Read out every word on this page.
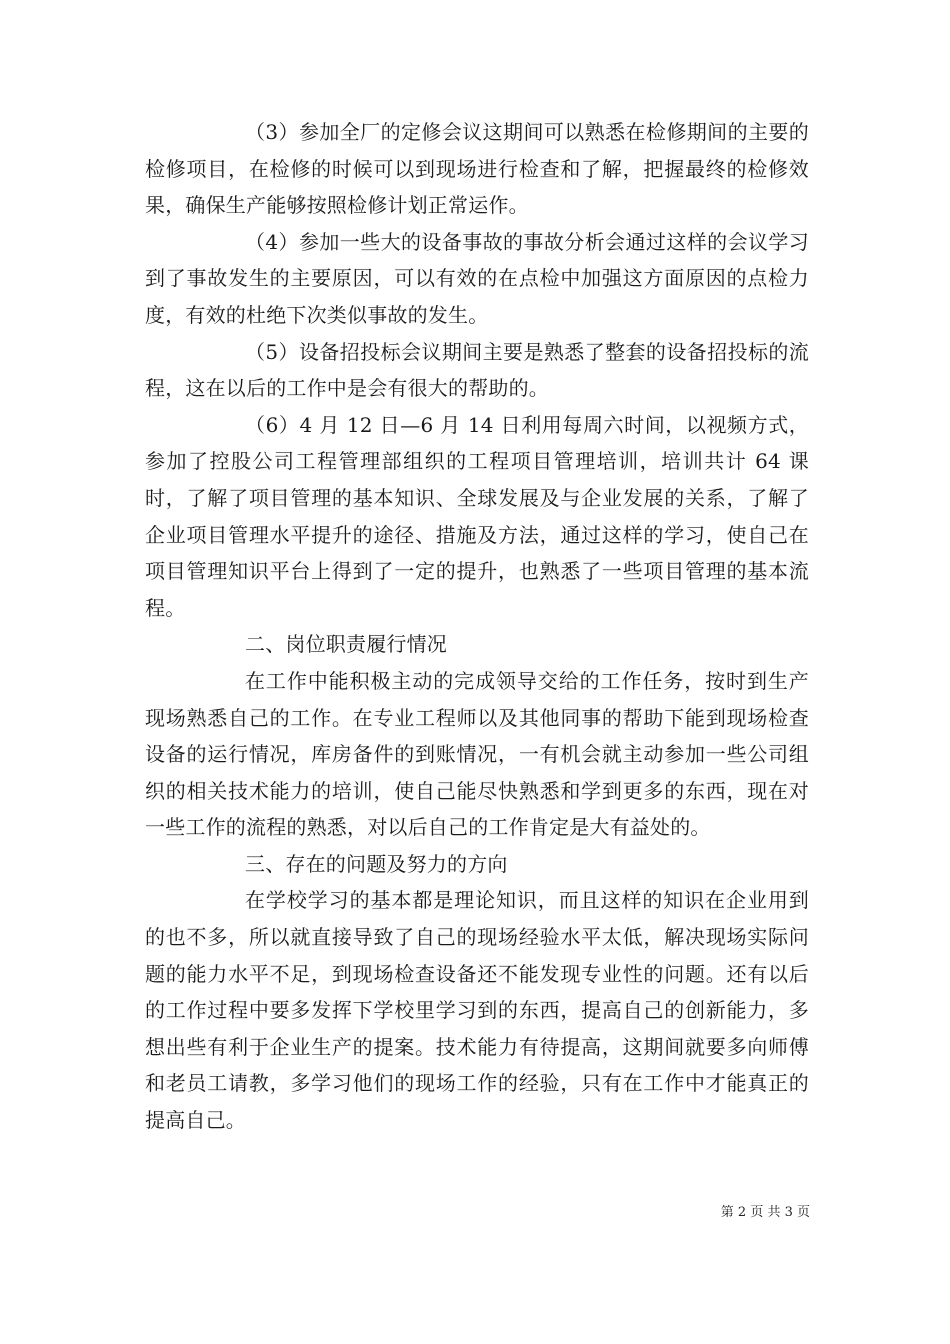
（3）参加全厂的定修会议这期间可以熟悉在检修期间的主要的检修项目，在检修的时候可以到现场进行检查和了解，把握最终的检修效果，确保生产能够按照检修计划正常运作。

（4）参加一些大的设备事故的事故分析会通过这样的会议学习到了事故发生的主要原因，可以有效的在点检中加强这方面原因的点检力度，有效的杜绝下次类似事故的发生。

（5）设备招投标会议期间主要是熟悉了整套的设备招投标的流程，这在以后的工作中是会有很大的帮助的。

（6）4 月 12 日—6 月 14 日利用每周六时间，以视频方式，参加了控股公司工程管理部组织的工程项目管理培训，培训共计 64 课时，了解了项目管理的基本知识、全球发展及与企业发展的关系，了解了企业项目管理水平提升的途径、措施及方法，通过这样的学习，使自己在项目管理知识平台上得到了一定的提升，也熟悉了一些项目管理的基本流程。

二、岗位职责履行情况

在工作中能积极主动的完成领导交给的工作任务，按时到生产现场熟悉自己的工作。在专业工程师以及其他同事的帮助下能到现场检查设备的运行情况，库房备件的到账情况，一有机会就主动参加一些公司组织的相关技术能力的培训，使自己能尽快熟悉和学到更多的东西，现在对一些工作的流程的熟悉，对以后自己的工作肯定是大有益处的。

三、存在的问题及努力的方向

在学校学习的基本都是理论知识，而且这样的知识在企业用到的也不多，所以就直接导致了自己的现场经验水平太低，解决现场实际问题的能力水平不足，到现场检查设备还不能发现专业性的问题。还有以后的工作过程中要多发挥下学校里学习到的东西，提高自己的创新能力，多想出些有利于企业生产的提案。技术能力有待提高，这期间就要多向师傅和老员工请教，多学习他们的现场工作的经验，只有在工作中才能真正的提高自己。

第 2 页 共 3 页
